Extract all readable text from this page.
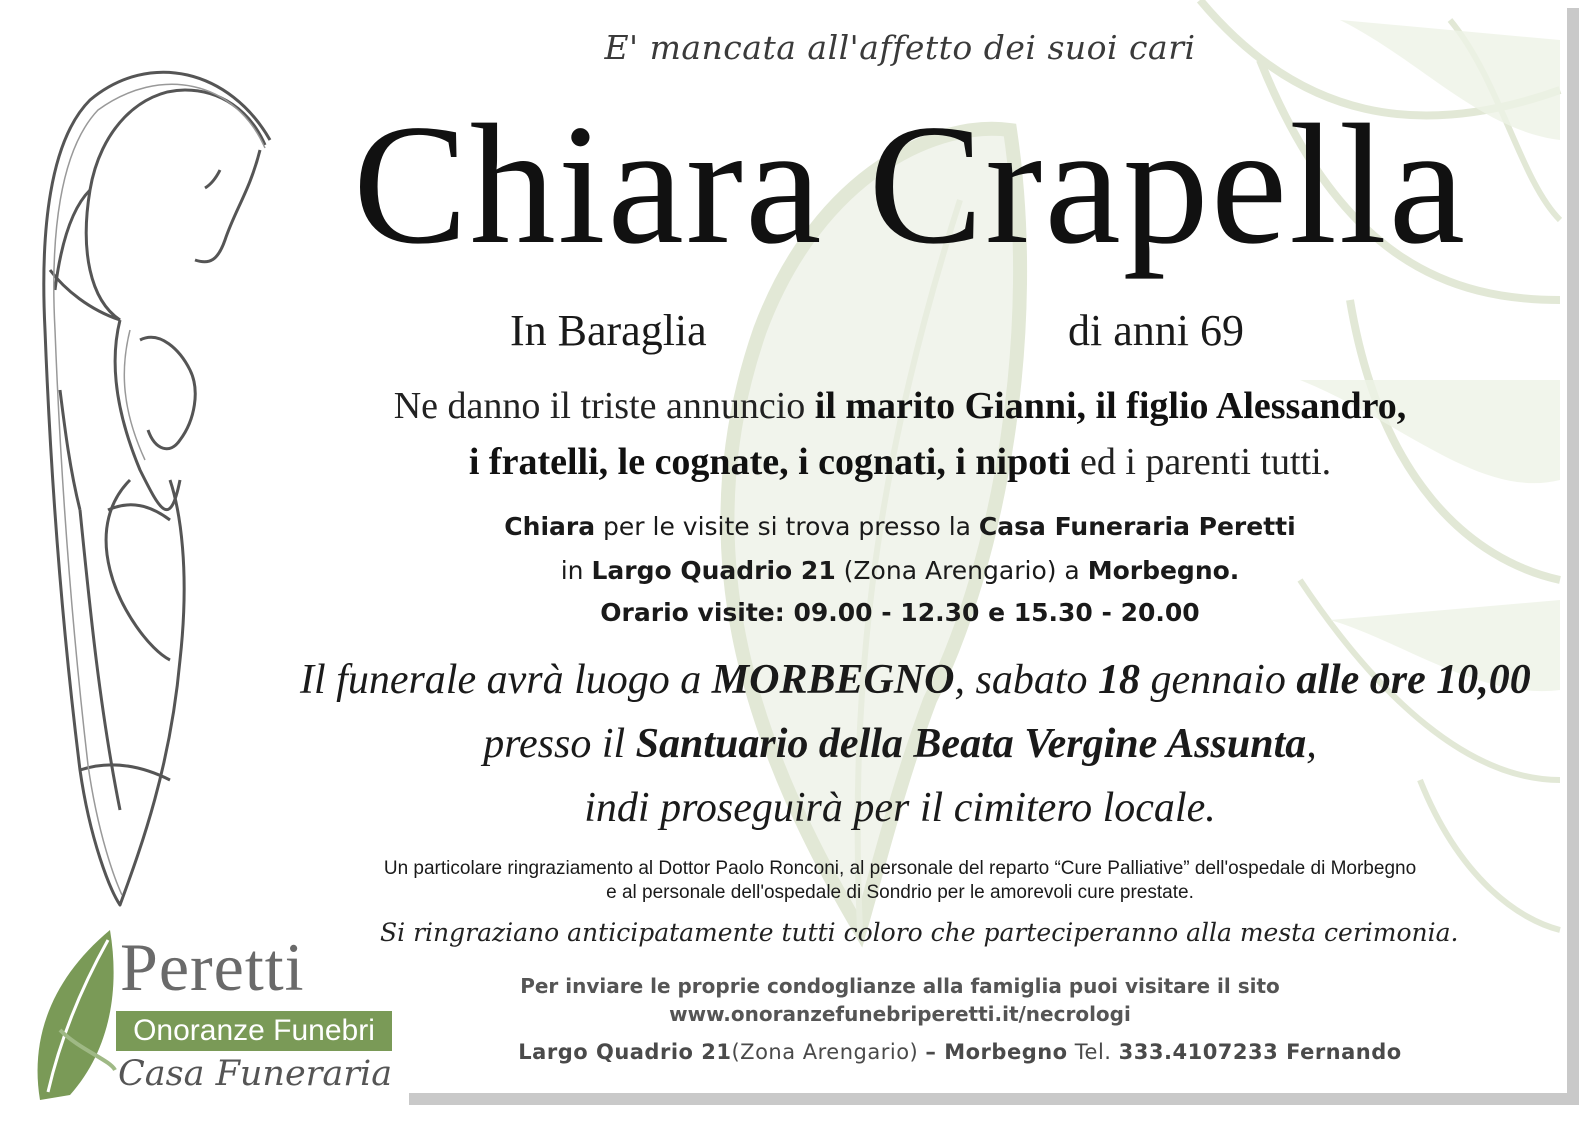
E' mancata all'affetto dei suoi cari
Chiara Crapella
In Baraglia	di anni 69
Ne danno il triste annuncio il marito Gianni, il figlio Alessandro,
i fratelli, le cognate, i cognati, i nipoti ed i parenti tutti.
Chiara per le visite si trova presso la Casa Funeraria Peretti
in Largo Quadrio 21 (Zona Arengario) a Morbegno.
Orario visite: 09.00 - 12.30 e 15.30 - 20.00
Il funerale avrà luogo a MORBEGNO, sabato 18 gennaio alle ore 10,00
presso il Santuario della Beata Vergine Assunta,
indi proseguirà per il cimitero locale.
Un particolare ringraziamento al Dottor Paolo Ronconi, al personale del reparto “Cure Palliative” dell'ospedale di Morbegno
e al personale dell'ospedale di Sondrio per le amorevoli cure prestate.
Si ringraziano anticipatamente tutti coloro che parteciperanno alla mesta cerimonia.
Per inviare le proprie condoglianze alla famiglia puoi visitare il sito
www.onoranzefunebriperetti.it/necrologi
Largo Quadrio 21(Zona Arengario) – Morbegno Tel. 333.4107233 Fernando
Peretti
Onoranze Funebri
Casa Funeraria
